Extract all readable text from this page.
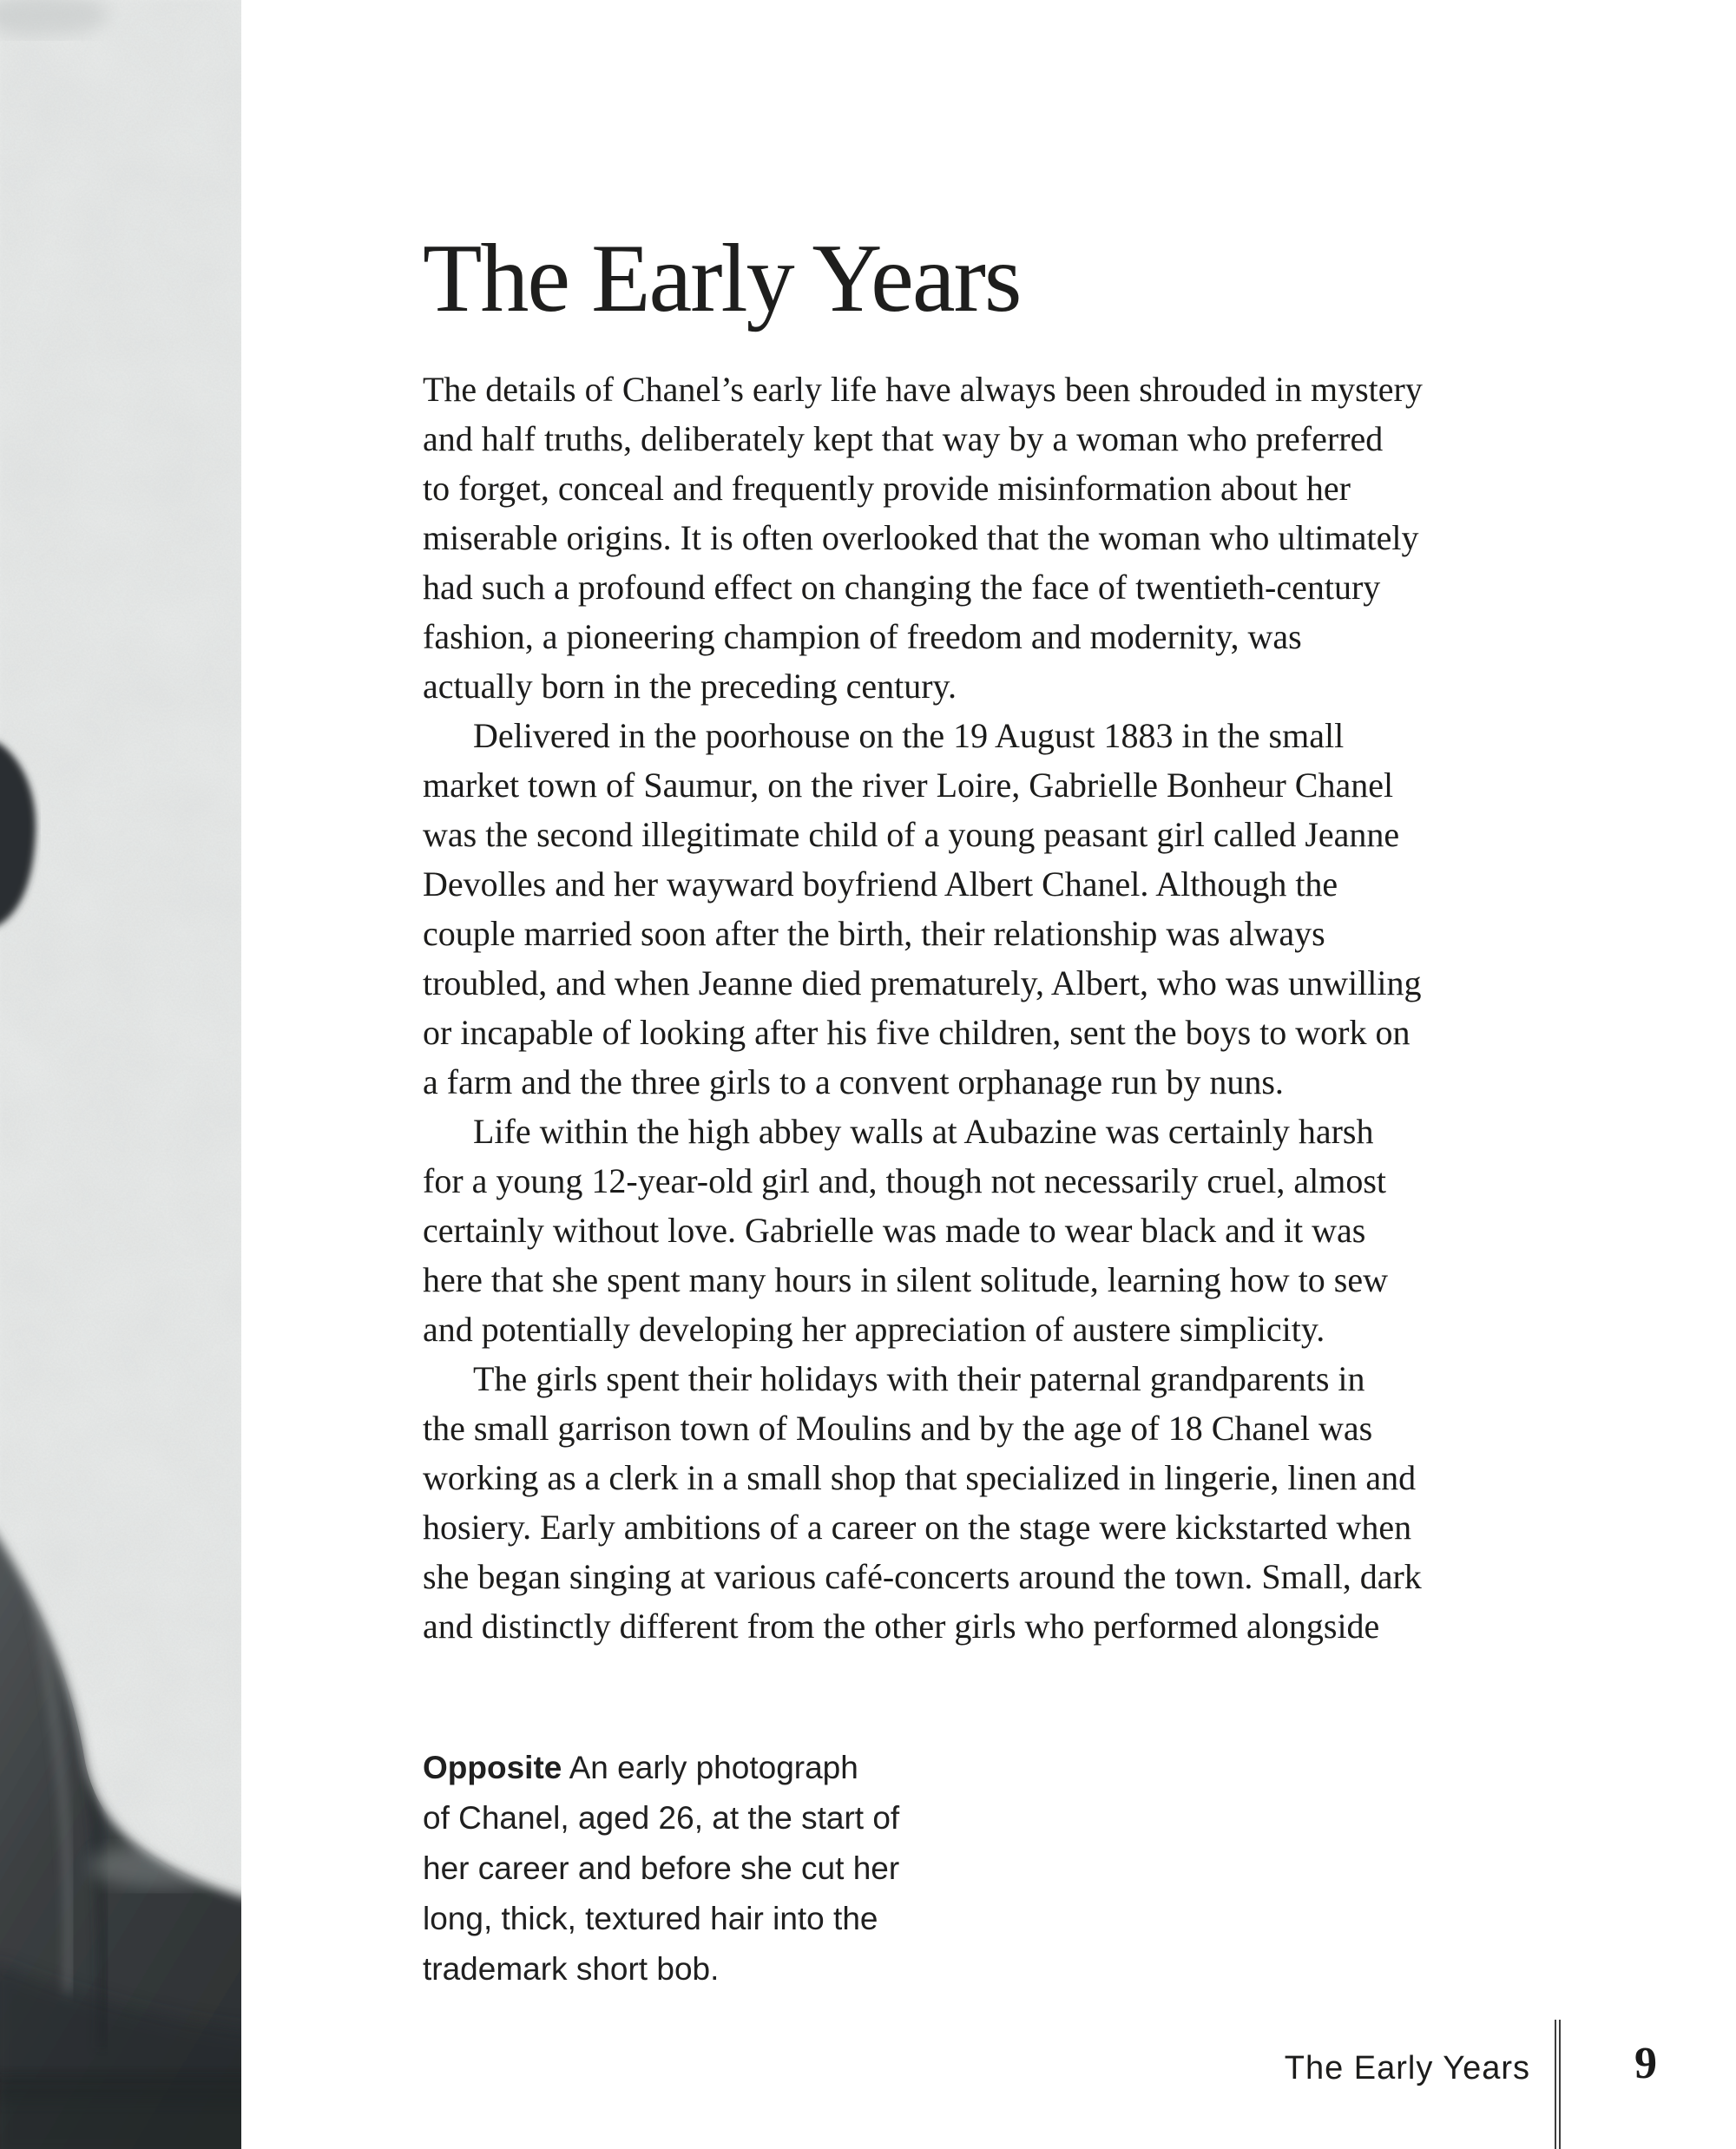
The Early Years
The details of Chanel’s early life have always been shrouded in mystery
and half truths, deliberately kept that way by a woman who preferred
to forget, conceal and frequently provide misinformation about her
miserable origins. It is often overlooked that the woman who ultimately
had such a profound effect on changing the face of twentieth-century
fashion, a pioneering champion of freedom and modernity, was
actually born in the preceding century.
Delivered in the poorhouse on the 19 August 1883 in the small
market town of Saumur, on the river Loire, Gabrielle Bonheur Chanel
was the second illegitimate child of a young peasant girl called Jeanne
Devolles and her wayward boyfriend Albert Chanel. Although the
couple married soon after the birth, their relationship was always
troubled, and when Jeanne died prematurely, Albert, who was unwilling
or incapable of looking after his five children, sent the boys to work on
a farm and the three girls to a convent orphanage run by nuns.
Life within the high abbey walls at Aubazine was certainly harsh
for a young 12-year-old girl and, though not necessarily cruel, almost
certainly without love. Gabrielle was made to wear black and it was
here that she spent many hours in silent solitude, learning how to sew
and potentially developing her appreciation of austere simplicity.
The girls spent their holidays with their paternal grandparents in
the small garrison town of Moulins and by the age of 18 Chanel was
working as a clerk in a small shop that specialized in lingerie, linen and
hosiery. Early ambitions of a career on the stage were kickstarted when
she began singing at various café-concerts around the town. Small, dark
and distinctly different from the other girls who performed alongside
Opposite An early photograph
of Chanel, aged 26, at the start of
her career and before she cut her
long, thick, textured hair into the
trademark short bob.
The Early Years	9
